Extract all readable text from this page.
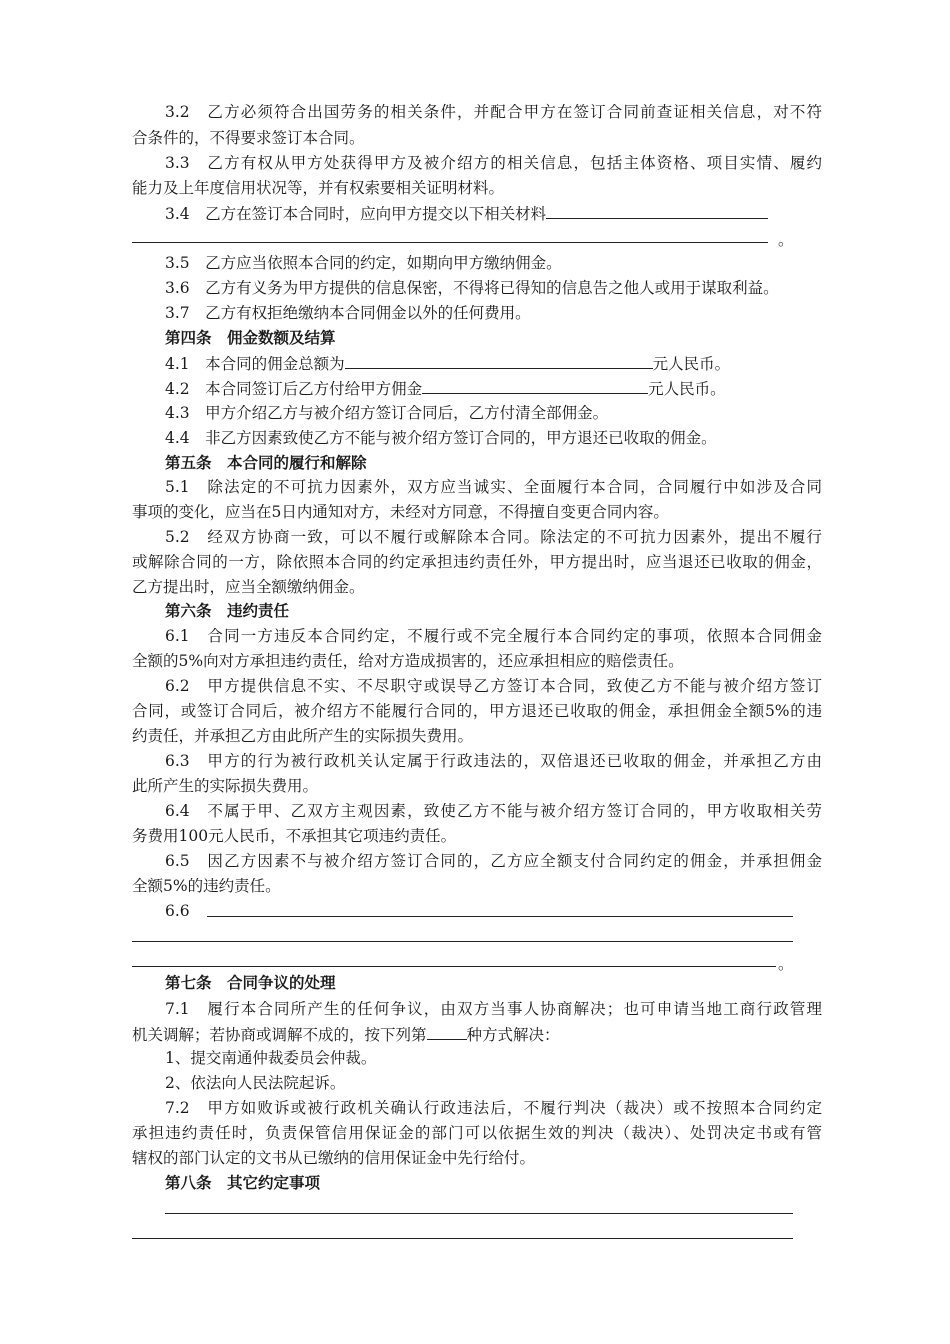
3.2　乙方必须符合出国劳务的相关条件，并配合甲方在签订合同前查证相关信息，对不符
合条件的，不得要求签订本合同。
3.3　乙方有权从甲方处获得甲方及被介绍方的相关信息，包括主体资格、项目实情、履约
能力及上年度信用状况等，并有权索要相关证明材料。
3.4　乙方在签订本合同时，应向甲方提交以下相关材料
。
3.5　乙方应当依照本合同的约定，如期向甲方缴纳佣金。
3.6　乙方有义务为甲方提供的信息保密，不得将已得知的信息告之他人或用于谋取利益。
3.7　乙方有权拒绝缴纳本合同佣金以外的任何费用。
第四条　佣金数额及结算
4.1　本合同的佣金总额为	元人民币。
4.2　本合同签订后乙方付给甲方佣金	元人民币。
4.3　甲方介绍乙方与被介绍方签订合同后，乙方付清全部佣金。
4.4　非乙方因素致使乙方不能与被介绍方签订合同的，甲方退还已收取的佣金。
第五条　本合同的履行和解除
5.1　除法定的不可抗力因素外，双方应当诚实、全面履行本合同，合同履行中如涉及合同
事项的变化，应当在5日内通知对方，未经对方同意，不得擅自变更合同内容。
5.2　经双方协商一致，可以不履行或解除本合同。除法定的不可抗力因素外，提出不履行
或解除合同的一方，除依照本合同的约定承担违约责任外，甲方提出时，应当退还已收取的佣金，
乙方提出时，应当全额缴纳佣金。
第六条　违约责任
6.1　合同一方违反本合同约定，不履行或不完全履行本合同约定的事项，依照本合同佣金
全额的5%向对方承担违约责任，给对方造成损害的，还应承担相应的赔偿责任。
6.2　甲方提供信息不实、不尽职守或误导乙方签订本合同，致使乙方不能与被介绍方签订
合同，或签订合同后，被介绍方不能履行合同的，甲方退还已收取的佣金，承担佣金全额5%的违
约责任，并承担乙方由此所产生的实际损失费用。
6.3　甲方的行为被行政机关认定属于行政违法的，双倍退还已收取的佣金，并承担乙方由
此所产生的实际损失费用。
6.4　不属于甲、乙双方主观因素，致使乙方不能与被介绍方签订合同的，甲方收取相关劳
务费用100元人民币，不承担其它项违约责任。
6.5　因乙方因素不与被介绍方签订合同的，乙方应全额支付合同约定的佣金，并承担佣金
全额5%的违约责任。
6.6
。
第七条　合同争议的处理
7.1　履行本合同所产生的任何争议，由双方当事人协商解决；也可申请当地工商行政管理
机关调解；若协商或调解不成的，按下列第	种方式解决：
1、提交南通仲裁委员会仲裁。
2、依法向人民法院起诉。
7.2　甲方如败诉或被行政机关确认行政违法后，不履行判决（裁决）或不按照本合同约定
承担违约责任时，负责保管信用保证金的部门可以依据生效的判决（裁决）、处罚决定书或有管
辖权的部门认定的文书从已缴纳的信用保证金中先行给付。
第八条　其它约定事项
